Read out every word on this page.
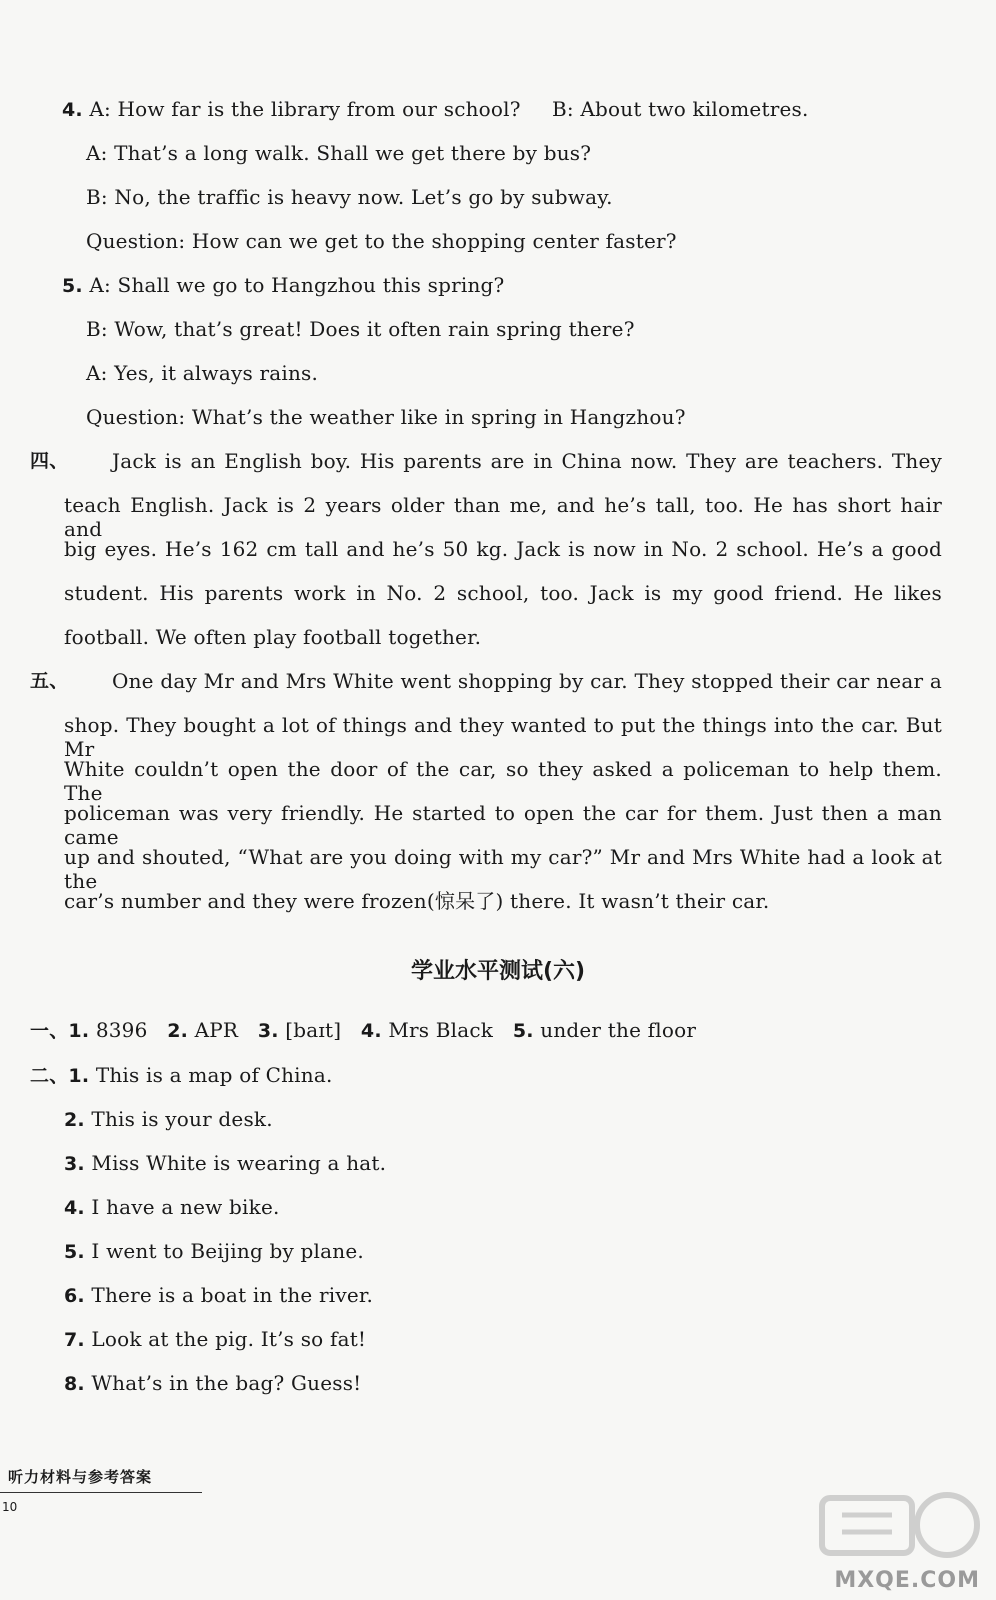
4. A: How far is the library from our school? B: About two kilometres.
A: That’s a long walk. Shall we get there by bus?
B: No, the traffic is heavy now. Let’s go by subway.
Question: How can we get to the shopping center faster?
5. A: Shall we go to Hangzhou this spring?
B: Wow, that’s great! Does it often rain spring there?
A: Yes, it always rains.
Question: What’s the weather like in spring in Hangzhou?
四、 Jack is an English boy. His parents are in China now. They are teachers. They
teach English. Jack is 2 years older than me, and he’s tall, too. He has short hair and
big eyes. He’s 162 cm tall and he’s 50 kg. Jack is now in No. 2 school. He’s a good
student. His parents work in No. 2 school, too. Jack is my good friend. He likes
football. We often play football together.
五、 One day Mr and Mrs White went shopping by car. They stopped their car near a
shop. They bought a lot of things and they wanted to put the things into the car. But Mr
White couldn’t open the door of the car, so they asked a policeman to help them. The
policeman was very friendly. He started to open the car for them. Just then a man came
up and shouted, “What are you doing with my car?” Mr and Mrs White had a look at the
car’s number and they were frozen(惊呆了) there. It wasn’t their car.
学业水平测试(六)
一、1. 8396 2. APR 3. [baɪt] 4. Mrs Black 5. under the floor
二、1. This is a map of China.
2. This is your desk.
3. Miss White is wearing a hat.
4. I have a new bike.
5. I went to Beijing by plane.
6. There is a boat in the river.
7. Look at the pig. It’s so fat!
8. What’s in the bag? Guess!
听力材料与参考答案
10
MXQE.COM
